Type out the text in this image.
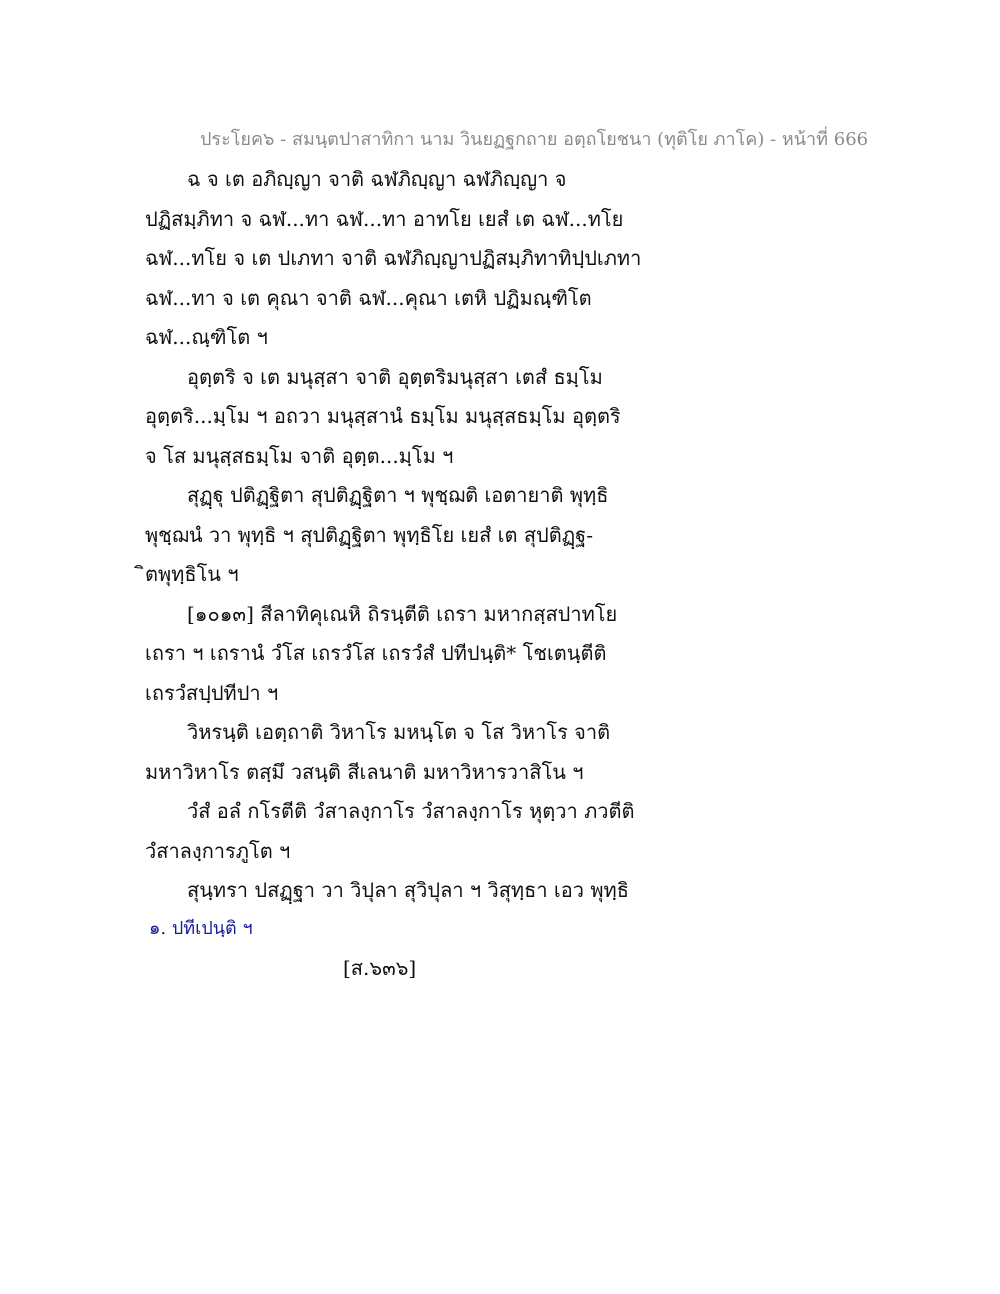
ประโยค๖ - สมนฺตปาสาทิกา นาม วินยฏฐกถาย อตฺถโยชนา (ทุติโย ภาโค) - หน้าที่ 666
ฉ จ เต อภิญฺญา จาติ ฉฬภิญฺญา ฉฬภิญฺญา จ
ปฏิสมฺภิทา จ ฉฬ...ทา ฉฬ...ทา อาทโย เยสํ เต ฉฬ...ทโย
ฉฬ...ทโย จ เต ปเภทา จาติ ฉฬภิญฺญาปฏิสมฺภิทาทิปฺปเภทา
ฉฬ...ทา จ เต คุณา จาติ ฉฬ...คุณา เตหิ ปฏิมณฺฑิโต
ฉฬ...ณฺฑิโต ฯ
อุตฺตริ จ เต มนุสฺสา จาติ อุตฺตริมนุสฺสา เตสํ ธมฺโม
อุตฺตริ...มฺโม ฯ อถวา มนุสฺสานํ ธมฺโม มนุสฺสธมฺโม อุตฺตริ
จ โส มนุสฺสธมฺโม จาติ อุตฺต...มฺโม ฯ
สุฏฺฐุ ปติฏฺฐิตา สุปติฏฺฐิตา ฯ พุชฺฌติ เอตายาติ พุทฺธิ
พุชฺฌนํ วา พุทฺธิ ฯ สุปติฏฺฐิตา พุทฺธิโย เยสํ เต สุปติฏฺฐ-
ิตพุทฺธิโน ฯ
[๑๐๑๓] สีลาทิคุเณหิ ถิรนฺตีติ เถรา มหากสฺสปาทโย
เถรา ฯ เถรานํ วํโส เถรวํโส เถรวํสํ ปทีปนฺติ* โชเตนฺตีติ
เถรวํสปฺปทีปา ฯ
วิหรนฺติ เอตฺถาติ วิหาโร มหนฺโต จ โส วิหาโร จาติ
มหาวิหาโร ตสฺมึ วสนฺติ สีเลนาติ มหาวิหารวาสิโน ฯ
วํสํ อลํ กโรตีติ วํสาลงฺกาโร วํสาลงฺกาโร หุตฺวา ภวตีติ
วํสาลงฺการภูโต ฯ
สุนฺทรา ปสฏฺฐา วา วิปุลา สุวิปุลา ฯ วิสุทฺธา เอว พุทฺธิ
๑. ปทีเปนฺติ ฯ
[ส.๖๓๖]
